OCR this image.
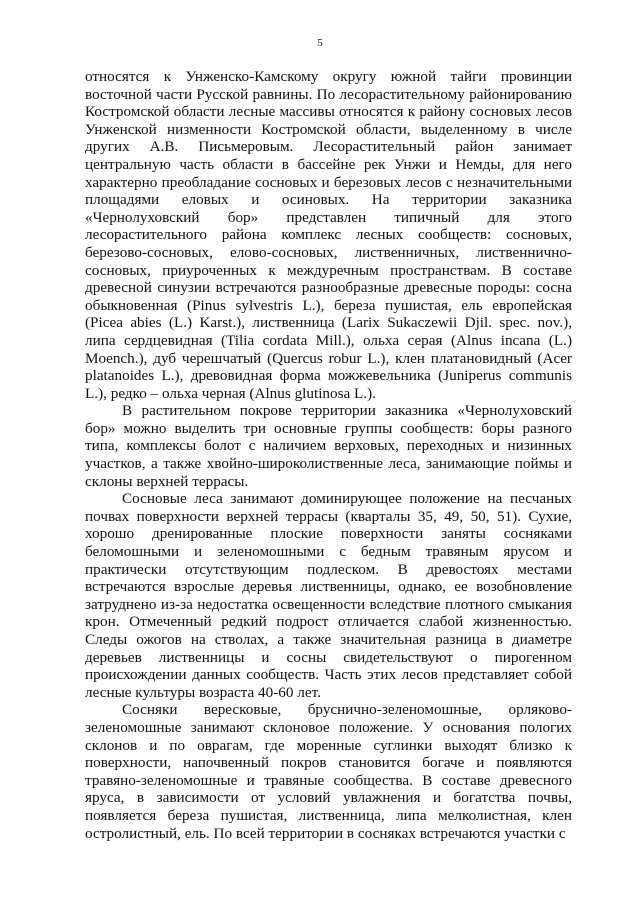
5

относятся к Унженско-Камскому округу южной тайги провинции восточной части Русской равнины. По лесорастительному районированию Костромской области лесные массивы относятся к району сосновых лесов Унженской низменности Костромской области, выделенному в числе других А.В. Письмеровым. Лесорастительный район занимает центральную часть области в бассейне рек Унжи и Немды, для него характерно преобладание сосновых и березовых лесов с незначительными площадями еловых и осиновых. На территории заказника «Чернолуховский бор» представлен типичный для этого лесорастительного района комплекс лесных сообществ: сосновых, березово-сосновых, елово-сосновых, лиственничных, лиственнично-сосновых, приуроченных к междуречным пространствам. В составе древесной синузии встречаются разнообразные древесные породы: сосна обыкновенная (Pinus sylvestris L.), береза пушистая, ель европейская (Picea abies (L.) Karst.), лиственница (Larix Sukaczewii Djil. spec. nov.), липа сердцевидная (Tilia cordata Mill.), ольха серая (Alnus incana (L.) Moench.), дуб черешчатый (Quercus robur L.), клен платановидный (Acer platanoides L.), древовидная форма можжевельника (Juniperus communis L.), редко – ольха черная (Alnus glutinosa L.).

В растительном покрове территории заказника «Чернолуховский бор» можно выделить три основные группы сообществ: боры разного типа, комплексы болот с наличием верховых, переходных и низинных участков, а также хвойно-широколиственные леса, занимающие поймы и склоны верхней террасы.

Сосновые леса занимают доминирующее положение на песчаных почвах поверхности верхней террасы (кварталы 35, 49, 50, 51). Сухие, хорошо дренированные плоские поверхности заняты сосняками беломошными и зеленомошными с бедным травяным ярусом и практически отсутствующим подлеском. В древостоях местами встречаются взрослые деревья лиственницы, однако, ее возобновление затруднено из-за недостатка освещенности вследствие плотного смыкания крон. Отмеченный редкий подрост отличается слабой жизненностью. Следы ожогов на стволах, а также значительная разница в диаметре деревьев лиственницы и сосны свидетельствуют о пирогенном происхождении данных сообществ. Часть этих лесов представляет собой лесные культуры возраста 40-60 лет.

Сосняки вересковые, бруснично-зеленомошные, орляково-зеленомошные занимают склоновое положение. У основания пологих склонов и по оврагам, где моренные суглинки выходят близко к поверхности, напочвенный покров становится богаче и появляются травяно-зеленомошные и травяные сообщества. В составе древесного яруса, в зависимости от условий увлажнения и богатства почвы, появляется береза пушистая, лиственница, липа мелколистная, клен остролистный, ель. По всей территории в сосняках встречаются участки с
